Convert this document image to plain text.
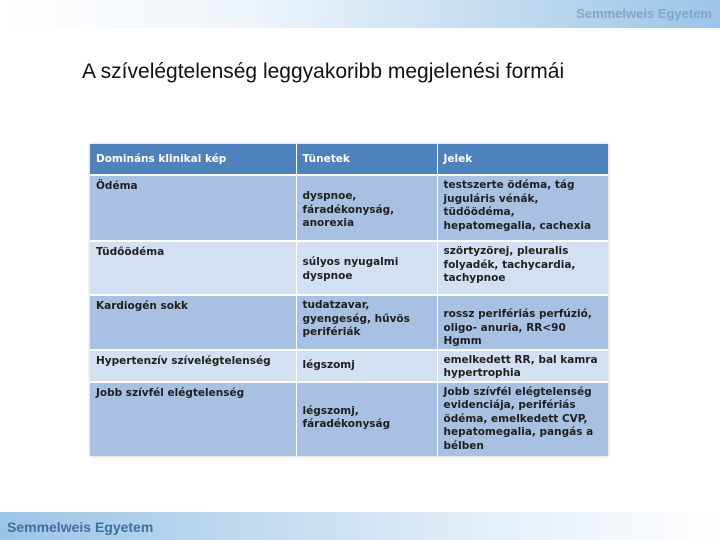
Semmelweis Egyetem
A szívelégtelenség leggyakoribb megjelenési formái
Domináns klinikai kép	Tünetek	Jelek

Ödéma	dyspnoe, fáradékonyság, anorexia	testszerte ödéma, tág juguláris vénák, tüdőödéma, hepatomegalia, cachexia

Tüdőödéma	súlyos nyugalmi dyspnoe	szörtyzörej, pleuralis folyadék, tachycardia, tachypnoe

Kardiogén sokk	tudatzavar, gyengeség, hűvös perifériák	rossz perifériás perfúzió, oligo- anuria, RR<90 Hgmm

Hypertenzív szívelégtelenség	légszomj	emelkedett RR, bal kamra hypertrophia

Jobb szívfél elégtelenség	légszomj, fáradékonyság	Jobb szívfél elégtelenség evidenciája, perifériás ödéma, emelkedett CVP, hepatomegalia, pangás a bélben
Semmelweis Egyetem
